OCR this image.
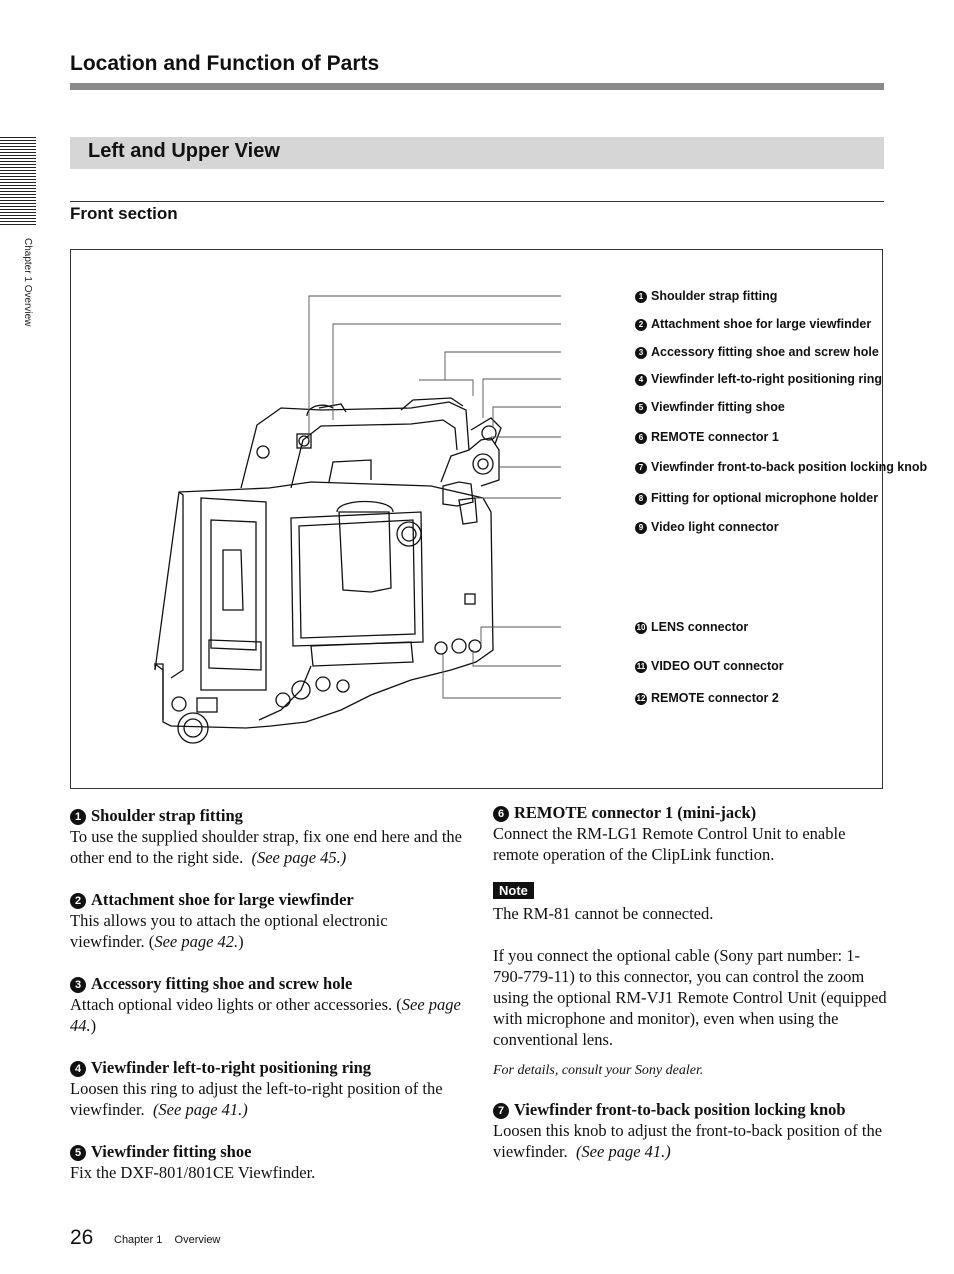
Location and Function of Parts
Chapter 1 Overview
Left and Upper View
Front section
1 Shoulder strap fitting
2 Attachment shoe for large viewfinder
3 Accessory fitting shoe and screw hole
4 Viewfinder left-to-right positioning ring
5 Viewfinder fitting shoe
6 REMOTE connector 1
7 Viewfinder front-to-back position locking knob
8 Fitting for optional microphone holder
9 Video light connector
10 LENS connector
11 VIDEO OUT connector
12 REMOTE connector 2
1 Shoulder strap fitting
To use the supplied shoulder strap, fix one end here and the other end to the right side. (See page 45.)
2 Attachment shoe for large viewfinder
This allows you to attach the optional electronic viewfinder. (See page 42.)
3 Accessory fitting shoe and screw hole
Attach optional video lights or other accessories. (See page 44.)
4 Viewfinder left-to-right positioning ring
Loosen this ring to adjust the left-to-right position of the viewfinder. (See page 41.)
5 Viewfinder fitting shoe
Fix the DXF-801/801CE Viewfinder.
6 REMOTE connector 1 (mini-jack)
Connect the RM-LG1 Remote Control Unit to enable remote operation of the ClipLink function.
Note
The RM-81 cannot be connected.
If you connect the optional cable (Sony part number: 1-790-779-11) to this connector, you can control the zoom using the optional RM-VJ1 Remote Control Unit (equipped with microphone and monitor), even when using the conventional lens.
For details, consult your Sony dealer.
7 Viewfinder front-to-back position locking knob
Loosen this knob to adjust the front-to-back position of the viewfinder. (See page 41.)
26 Chapter 1    Overview
